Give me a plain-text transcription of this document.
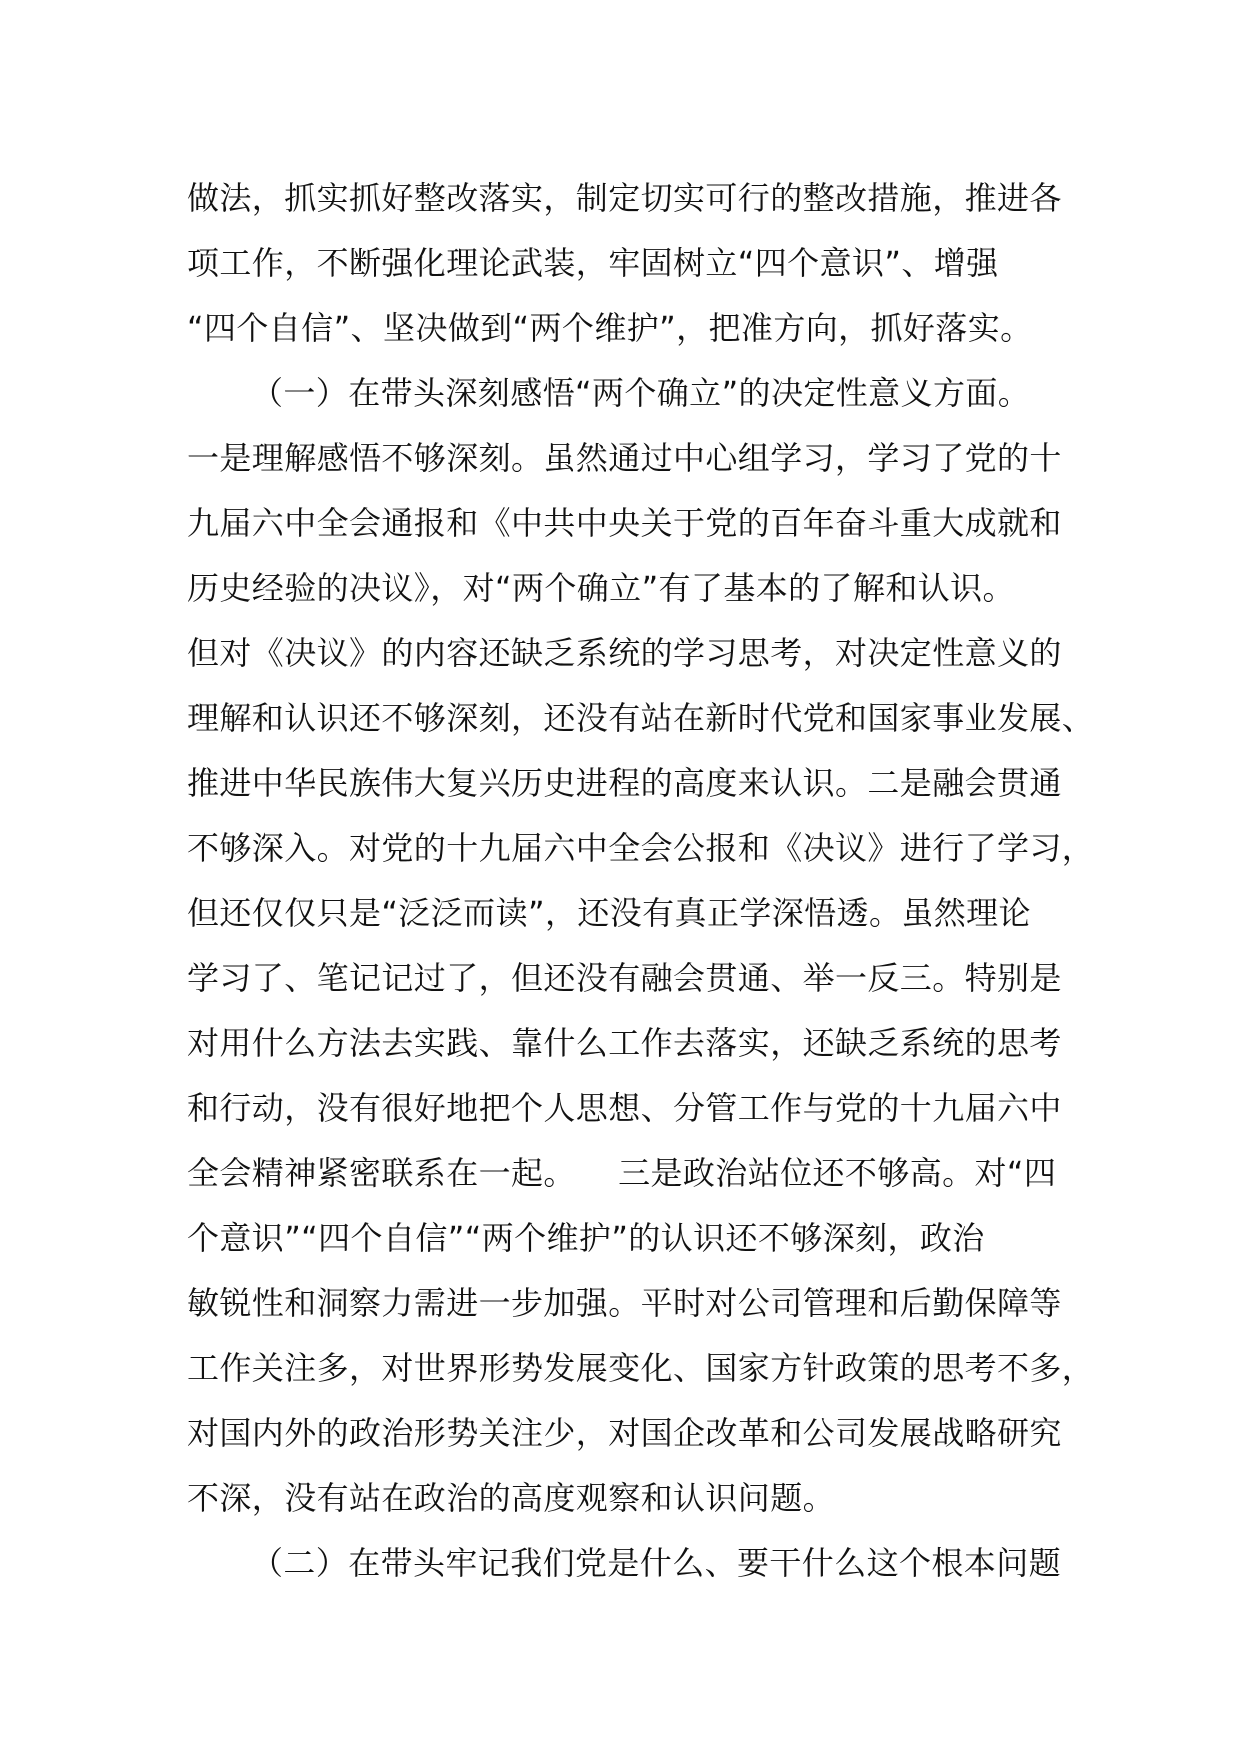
做法，抓实抓好整改落实，制定切实可行的整改措施，推进各
项工作，不断强化理论武装，牢固树立“四个意识”、增强
“四个自信”、坚决做到“两个维护”，把准方向，抓好落实。
（一）在带头深刻感悟“两个确立”的决定性意义方面。
一是理解感悟不够深刻。虽然通过中心组学习，学习了党的十
九届六中全会通报和《中共中央关于党的百年奋斗重大成就和
历史经验的决议》，对“两个确立”有了基本的了解和认识。
但对《决议》的内容还缺乏系统的学习思考，对决定性意义的
理解和认识还不够深刻，还没有站在新时代党和国家事业发展、
推进中华民族伟大复兴历史进程的高度来认识。二是融会贯通
不够深入。对党的十九届六中全会公报和《决议》进行了学习，
但还仅仅只是“泛泛而读”，还没有真正学深悟透。虽然理论
学习了、笔记记过了，但还没有融会贯通、举一反三。特别是
对用什么方法去实践、靠什么工作去落实，还缺乏系统的思考
和行动，没有很好地把个人思想、分管工作与党的十九届六中
全会精神紧密联系在一起。    三是政治站位还不够高。对“四
个意识”“四个自信”“两个维护”的认识还不够深刻，政治
敏锐性和洞察力需进一步加强。平时对公司管理和后勤保障等
工作关注多，对世界形势发展变化、国家方针政策的思考不多，
对国内外的政治形势关注少，对国企改革和公司发展战略研究
不深，没有站在政治的高度观察和认识问题。
（二）在带头牢记我们党是什么、要干什么这个根本问题
